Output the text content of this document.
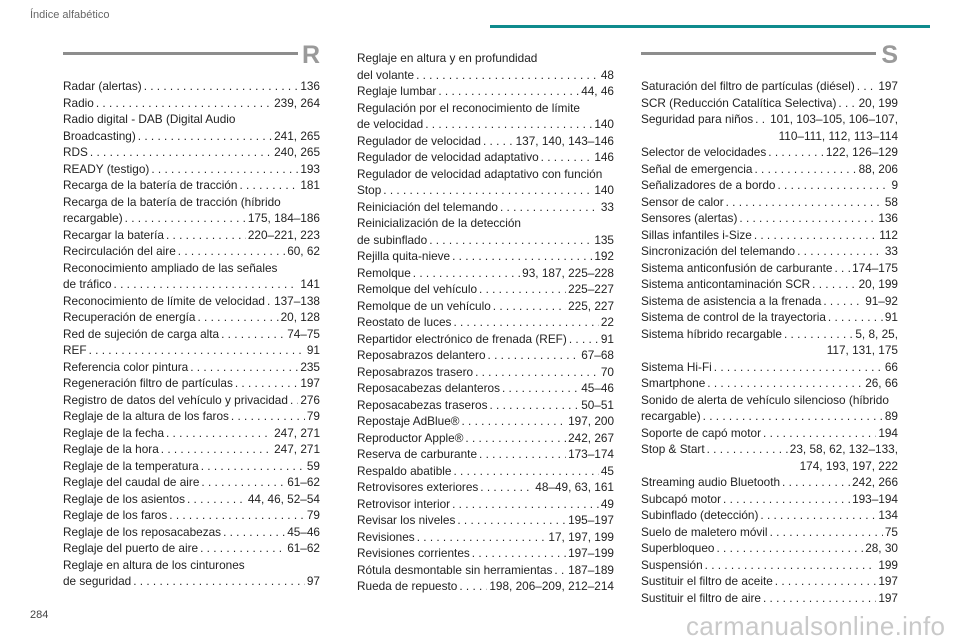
Índice alfabético
R
Radar (alertas) . . .	136
Radio . . .	239, 264
Radio digital - DAB (Digital Audio
Broadcasting) . . .	241, 265
RDS . . .	240, 265
READY (testigo) . . .	193
Recarga de la batería de tracción . . .	181
Recarga de la batería de tracción (híbrido
recargable) . . .	175, 184–186
Recargar la batería . . .	220–221, 223
Recirculación del aire . . .	60, 62
Reconocimiento ampliado de las señales
de tráfico . . .	141
Reconocimiento de límite de velocidad . . . 137–138
Recuperación de energía . . .	20, 128
Red de sujeción de carga alta . . .	74–75
REF . . .	91
Referencia color pintura . . .	235
Regeneración filtro de partículas . . .	197
Registro de datos del vehículo y privacidad . . . 276
Reglaje de la altura de los faros . . .	79
Reglaje de la fecha . . .	247, 271
Reglaje de la hora . . .	247, 271
Reglaje de la temperatura . . .	59
Reglaje del caudal de aire . . .	61–62
Reglaje de los asientos . . .	44, 46, 52–54
Reglaje de los faros . . .	79
Reglaje de los reposacabezas . . .	45–46
Reglaje del puerto de aire . . .	61–62
Reglaje en altura de los cinturones
de seguridad . . .	97
Reglaje en altura y en profundidad
del volante . . .	48
Reglaje lumbar . . .	44, 46
Regulación por el reconocimiento de límite
de velocidad . . .	140
Regulador de velocidad . . .	137, 140, 143–146
Regulador de velocidad adaptativo . . .	146
Regulador de velocidad adaptativo con función
Stop . . .	140
Reiniciación del telemando . . .	33
Reinicialización de la detección
de subinflado . . .	135
Rejilla quita-nieve . . .	192
Remolque . . .	93, 187, 225–228
Remolque del vehículo . . .	225–227
Remolque de un vehículo . . .	225, 227
Reostato de luces . . .	22
Repartidor electrónico de frenada (REF) . . .	91
Reposabrazos delantero . . .	67–68
Reposabrazos trasero . . .	70
Reposacabezas delanteros . . .	45–46
Reposacabezas traseros . . .	50–51
Repostaje AdBlue® . . .	197, 200
Reproductor Apple® . . .	242, 267
Reserva de carburante . . .	173–174
Respaldo abatible . . .	45
Retrovisores exteriores . . .	48–49, 63, 161
Retrovisor interior . . .	49
Revisar los niveles . . .	195–197
Revisiones . . .	17, 197, 199
Revisiones corrientes . . .	197–199
Rótula desmontable sin herramientas . . . 187–189
Rueda de repuesto . . .	198, 206–209, 212–214
S
Saturación del filtro de partículas (diésel) . . . 197
SCR (Reducción Catalítica Selectiva) . . . 20, 199
Seguridad para niños . . . 101, 103–105, 106–107,
110–111, 112, 113–114
Selector de velocidades . . .	122, 126–129
Señal de emergencia . . .	88, 206
Señalizadores de a bordo . . .	9
Sensor de calor . . .	58
Sensores (alertas) . . .	136
Sillas infantiles i-Size . . .	112
Sincronización del telemando . . .	33
Sistema anticonfusión de carburante . . . 174–175
Sistema anticontaminación SCR . . .	20, 199
Sistema de asistencia a la frenada . . .	91–92
Sistema de control de la trayectoria . . .	91
Sistema híbrido recargable . . .	5, 8, 25,
117, 131, 175
Sistema Hi-Fi . . .	66
Smartphone . . .	26, 66
Sonido de alerta de vehículo silencioso (híbrido
recargable) . . .	89
Soporte de capó motor . . .	194
Stop & Start . . .	23, 58, 62, 132–133,
174, 193, 197, 222
Streaming audio Bluetooth . . .	242, 266
Subcapó motor . . .	193–194
Subinflado (detección) . . .	134
Suelo de maletero móvil . . .	75
Superbloqueo . . .	28, 30
Suspensión . . .	199
Sustituir el filtro de aceite . . .	197
Sustituir el filtro de aire . . .	197
284	carmanualsonline.info
